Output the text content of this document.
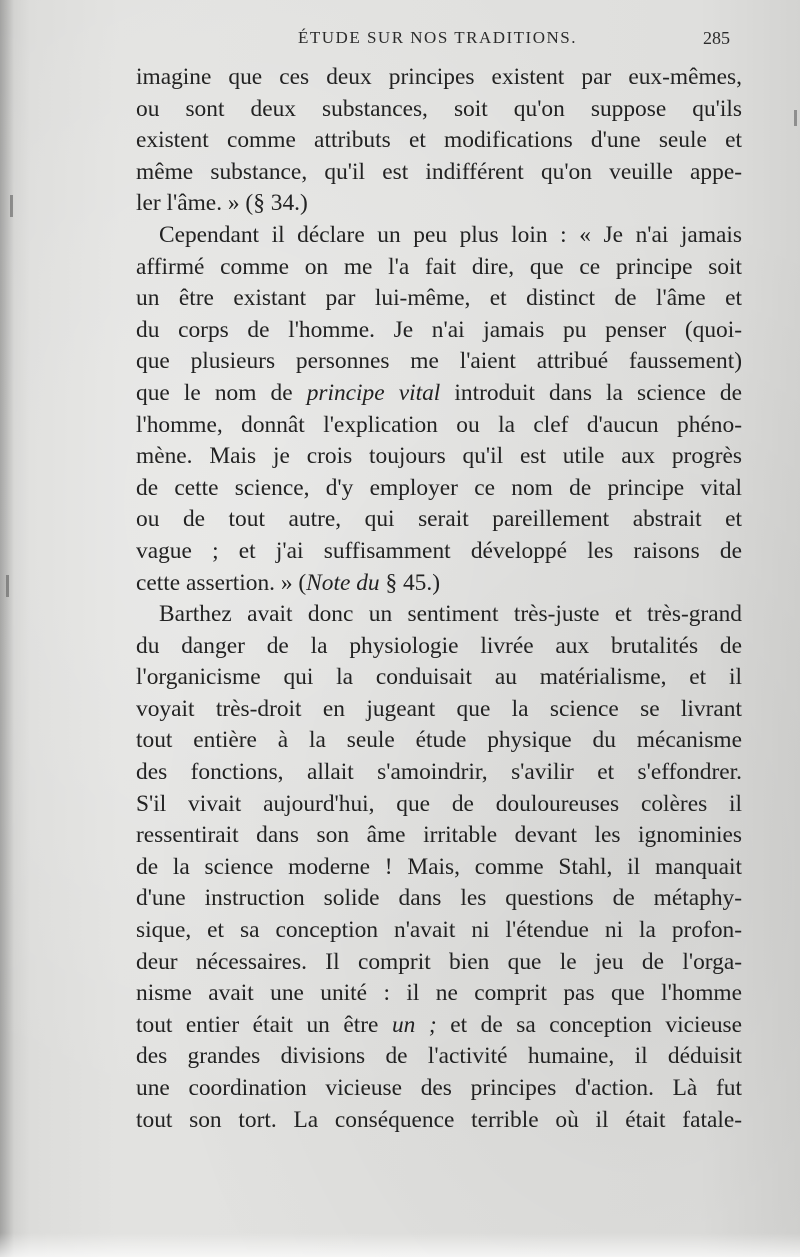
ÉTUDE SUR NOS TRADITIONS.	285
imagine que ces deux principes existent par eux-mêmes,
ou sont deux substances, soit qu'on suppose qu'ils
existent comme attributs et modifications d'une seule et
même substance, qu'il est indifférent qu'on veuille appe-
ler l'âme. » (§ 34.)
Cependant il déclare un peu plus loin : « Je n'ai jamais
affirmé comme on me l'a fait dire, que ce principe soit
un être existant par lui-même, et distinct de l'âme et
du corps de l'homme. Je n'ai jamais pu penser (quoi-
que plusieurs personnes me l'aient attribué faussement)
que le nom de principe vital introduit dans la science de
l'homme, donnât l'explication ou la clef d'aucun phéno-
mène. Mais je crois toujours qu'il est utile aux progrès
de cette science, d'y employer ce nom de principe vital
ou de tout autre, qui serait pareillement abstrait et
vague ; et j'ai suffisamment développé les raisons de
cette assertion. » (Note du § 45.)
Barthez avait donc un sentiment très-juste et très-grand
du danger de la physiologie livrée aux brutalités de
l'organicisme qui la conduisait au matérialisme, et il
voyait très-droit en jugeant que la science se livrant
tout entière à la seule étude physique du mécanisme
des fonctions, allait s'amoindrir, s'avilir et s'effondrer.
S'il vivait aujourd'hui, que de douloureuses colères il
ressentirait dans son âme irritable devant les ignominies
de la science moderne ! Mais, comme Stahl, il manquait
d'une instruction solide dans les questions de métaphy-
sique, et sa conception n'avait ni l'étendue ni la profon-
deur nécessaires. Il comprit bien que le jeu de l'orga-
nisme avait une unité : il ne comprit pas que l'homme
tout entier était un être un ; et de sa conception vicieuse
des grandes divisions de l'activité humaine, il déduisit
une coordination vicieuse des principes d'action. Là fut
tout son tort. La conséquence terrible où il était fatale-
